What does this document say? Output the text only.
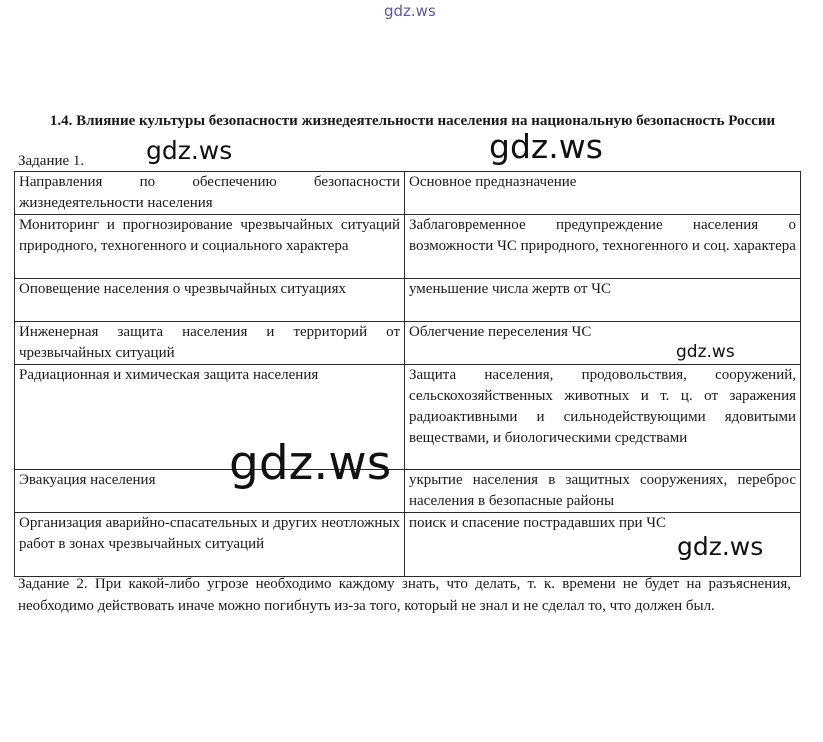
gdz.ws
1.4. Влияние культуры безопасности жизнедеятельности населения на национальную безопасность России
Задание 1.
Направления по обеспечению безопасности жизнедеятельности населения	Основное предназначение
Мониторинг и прогнозирование чрезвычайных ситуаций природного, техногенного и социального характера	Заблаговременное предупреждение населения о возможности ЧС природного, техногенного и соц. характера
Оповещение населения о чрезвычайных ситуациях	уменьшение числа жертв от ЧС
Инженерная защита населения и территорий от чрезвычайных ситуаций	Облегчение переселения ЧС
Радиационная и химическая защита населения	Защита населения, продовольствия, сооружений, сельскохозяйственных животных и т. ц. от заражения радиоактивными и сильнодействующими ядовитыми веществами, и биологическими средствами
Эвакуация населения	укрытие населения в защитных сооружениях, переброс населения в безопасные районы
Организация аварийно-спасательных и других неотложных работ в зонах чрезвычайных ситуаций	поиск и спасение пострадавших при ЧС
Задание 2. При какой-либо угрозе необходимо каждому знать, что делать, т. к. времени не будет на разъяснения, необходимо действовать иначе можно погибнуть из-за того, который не знал и не сделал то, что должен был.
gdz.ws	gdz.ws
gdz.ws
gdz.ws
gdz.ws
